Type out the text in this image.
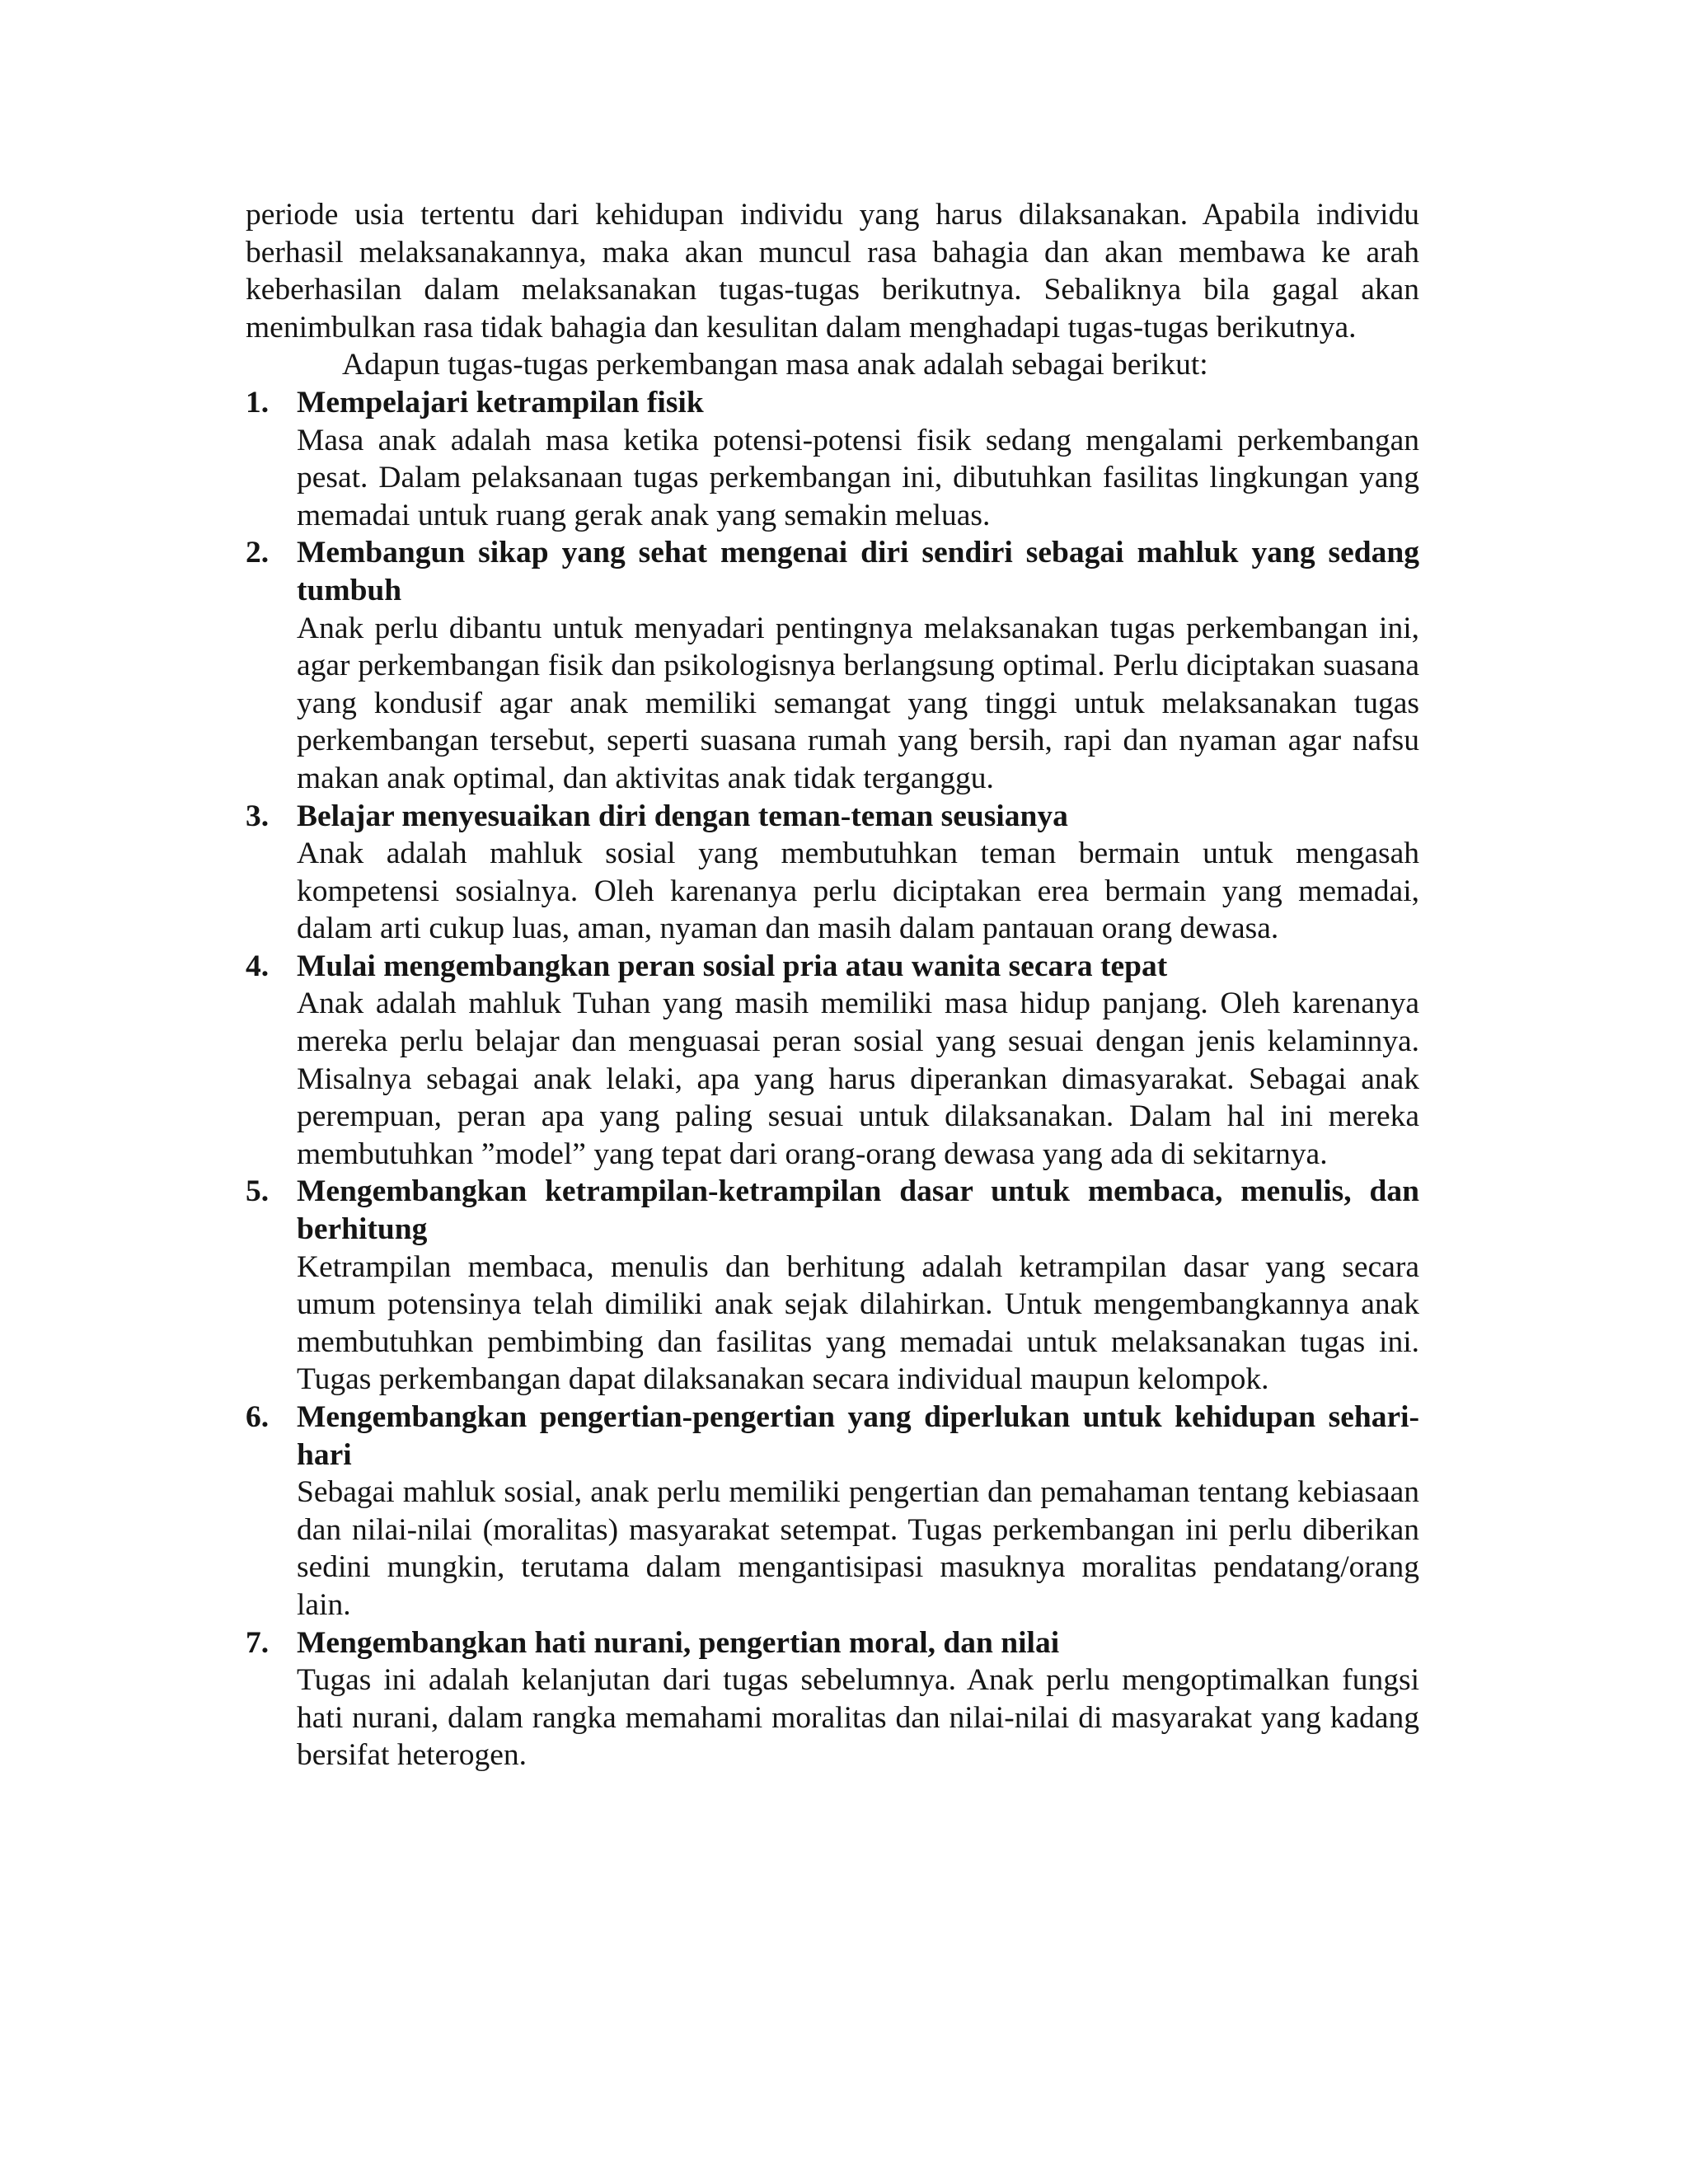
periode usia tertentu dari kehidupan individu yang harus dilaksanakan. Apabila individu berhasil melaksanakannya, maka akan muncul rasa bahagia dan akan membawa ke arah keberhasilan dalam melaksanakan tugas-tugas berikutnya. Sebaliknya bila gagal akan menimbulkan rasa tidak bahagia dan kesulitan dalam menghadapi tugas-tugas berikutnya.

Adapun tugas-tugas perkembangan masa anak adalah sebagai berikut:

1. Mempelajari ketrampilan fisik

Masa anak adalah masa ketika potensi-potensi fisik sedang mengalami perkembangan pesat. Dalam pelaksanaan tugas perkembangan ini, dibutuhkan fasilitas lingkungan yang memadai untuk ruang gerak anak yang semakin meluas.

2. Membangun sikap yang sehat mengenai diri sendiri sebagai mahluk yang sedang tumbuh

Anak perlu dibantu untuk menyadari pentingnya melaksanakan tugas perkembangan ini, agar perkembangan fisik dan psikologisnya berlangsung optimal. Perlu diciptakan suasana yang kondusif agar anak memiliki semangat yang tinggi untuk melaksanakan tugas perkembangan tersebut, seperti suasana rumah yang bersih, rapi dan nyaman agar nafsu makan anak optimal, dan aktivitas anak tidak terganggu.

3. Belajar menyesuaikan diri dengan teman-teman seusianya

Anak adalah mahluk sosial yang membutuhkan teman bermain untuk mengasah kompetensi sosialnya. Oleh karenanya perlu diciptakan erea bermain yang memadai, dalam arti cukup luas, aman, nyaman dan masih dalam pantauan orang dewasa.

4. Mulai mengembangkan peran sosial pria atau wanita secara tepat

Anak adalah mahluk Tuhan yang masih memiliki masa hidup panjang. Oleh karenanya mereka perlu belajar dan menguasai peran sosial yang sesuai dengan jenis kelaminnya. Misalnya sebagai anak lelaki, apa yang harus diperankan dimasyarakat. Sebagai anak perempuan, peran apa yang paling sesuai untuk dilaksanakan. Dalam hal ini mereka membutuhkan ”model” yang tepat dari orang-orang dewasa yang ada di sekitarnya.

5. Mengembangkan ketrampilan-ketrampilan dasar untuk membaca, menulis, dan berhitung

Ketrampilan membaca, menulis dan berhitung adalah ketrampilan dasar yang secara umum potensinya telah dimiliki anak sejak dilahirkan. Untuk mengembangkannya anak membutuhkan pembimbing dan fasilitas yang memadai untuk melaksanakan tugas ini. Tugas perkembangan dapat dilaksanakan secara individual maupun kelompok.

6. Mengembangkan pengertian-pengertian yang diperlukan untuk kehidupan sehari-hari

Sebagai mahluk sosial, anak perlu memiliki pengertian dan pemahaman tentang kebiasaan dan nilai-nilai (moralitas) masyarakat setempat. Tugas perkembangan ini perlu diberikan sedini mungkin, terutama dalam mengantisipasi masuknya moralitas pendatang/orang lain.

7. Mengembangkan hati nurani, pengertian moral, dan nilai

Tugas ini adalah kelanjutan dari tugas sebelumnya. Anak perlu mengoptimalkan fungsi hati nurani, dalam rangka memahami moralitas dan nilai-nilai di masyarakat yang kadang bersifat heterogen.
